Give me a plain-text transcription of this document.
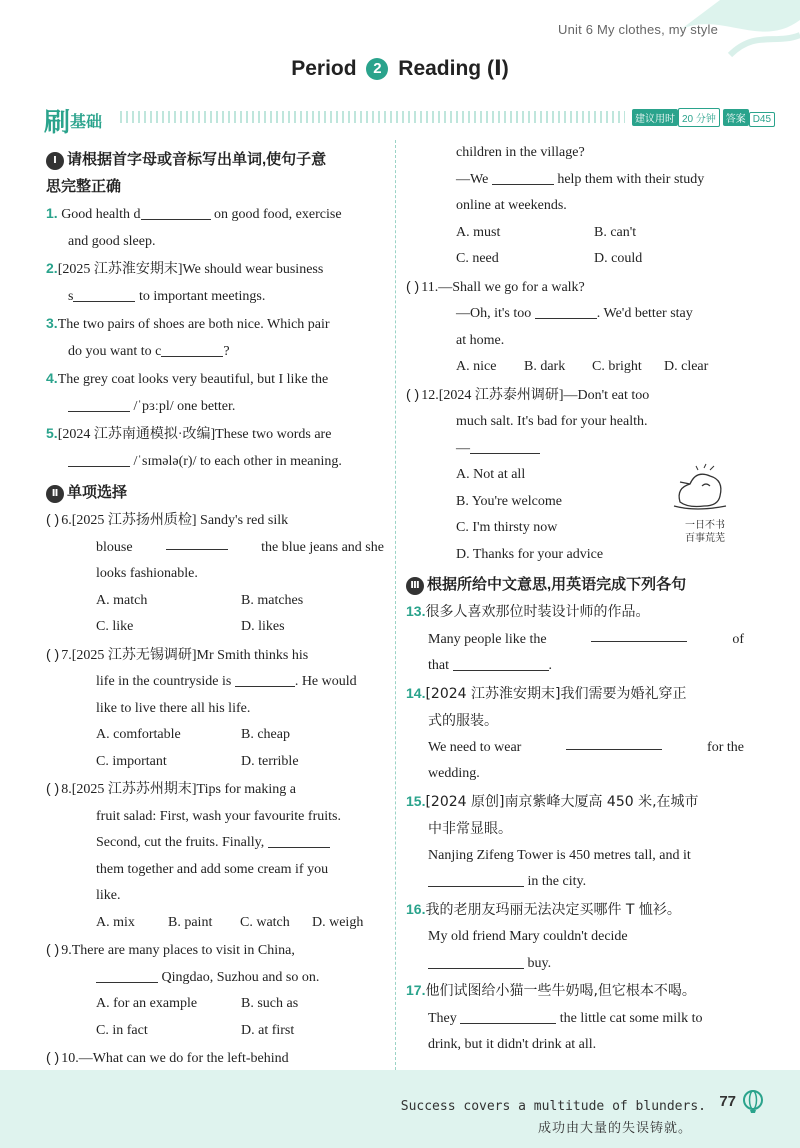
Unit 6 My clothes, my style
Period 2 Reading (Ⅰ)
刷基础	建议用时 20 分钟 答案 D45
Ⅰ 请根据首字母或音标写出单词,使句子意
思完整正确
1. Good health d	on good food, exercise
and good sleep.
2.[2025 江苏淮安期末]We should wear business
s	to important meetings.
3.The two pairs of shoes are both nice. Which pair
do you want to c	?
4.The grey coat looks very beautiful, but I like the
/ˈpɜːpl/ one better.
5.[2024 江苏南通模拟·改编]These two words are
/ˈsɪmələ(r)/ to each other in meaning.
Ⅱ 单项选择
( ) 6.[2025 江苏扬州质检] Sandy's red silk
blouse	the blue jeans and she
looks fashionable.
A. match	B. matches
C. like	D. likes
( ) 7.[2025 江苏无锡调研]Mr Smith thinks his
life in the countryside is	. He would
like to live there all his life.
A. comfortable	B. cheap
C. important	D. terrible
( ) 8.[2025 江苏苏州期末]Tips for making a
fruit salad: First, wash your favourite fruits.
Second, cut the fruits. Finally,
them together and add some cream if you
like.
A. mix	B. paint	C. watch	D. weigh
( ) 9.There are many places to visit in China,
Qingdao, Suzhou and so on.
A. for an example	B. such as
C. in fact	D. at first
( ) 10.—What can we do for the left-behind
children in the village?
—We	help them with their study
online at weekends.
A. must	B. can't
C. need	D. could
( ) 11.—Shall we go for a walk?
—Oh, it's too	. We'd better stay
at home.
A. nice	B. dark	C. bright	D. clear
( ) 12.[2024 江苏泰州调研]—Don't eat too
much salt. It's bad for your health.
—
A. Not at all
B. You're welcome
C. I'm thirsty now
D. Thanks for your advice
Ⅲ 根据所给中文意思,用英语完成下列各句
13.很多人喜欢那位时装设计师的作品。
Many people like the	of
that	.
14.[2024 江苏淮安期末]我们需要为婚礼穿正
式的服装。
We need to wear	for the
wedding.
15.[2024 原创]南京紫峰大厦高 450 米,在城市
中非常显眼。
Nanjing Zifeng Tower is 450 metres tall, and it
in the city.
16.我的老朋友玛丽无法决定买哪件 T 恤衫。
My old friend Mary couldn't decide
buy.
17.他们试图给小猫一些牛奶喝,但它根本不喝。
They	the little cat some milk to
drink, but it didn't drink at all.
一日不书
百事荒芜
Success covers a multitude of blunders.
成功由大量的失误铸就。
77
